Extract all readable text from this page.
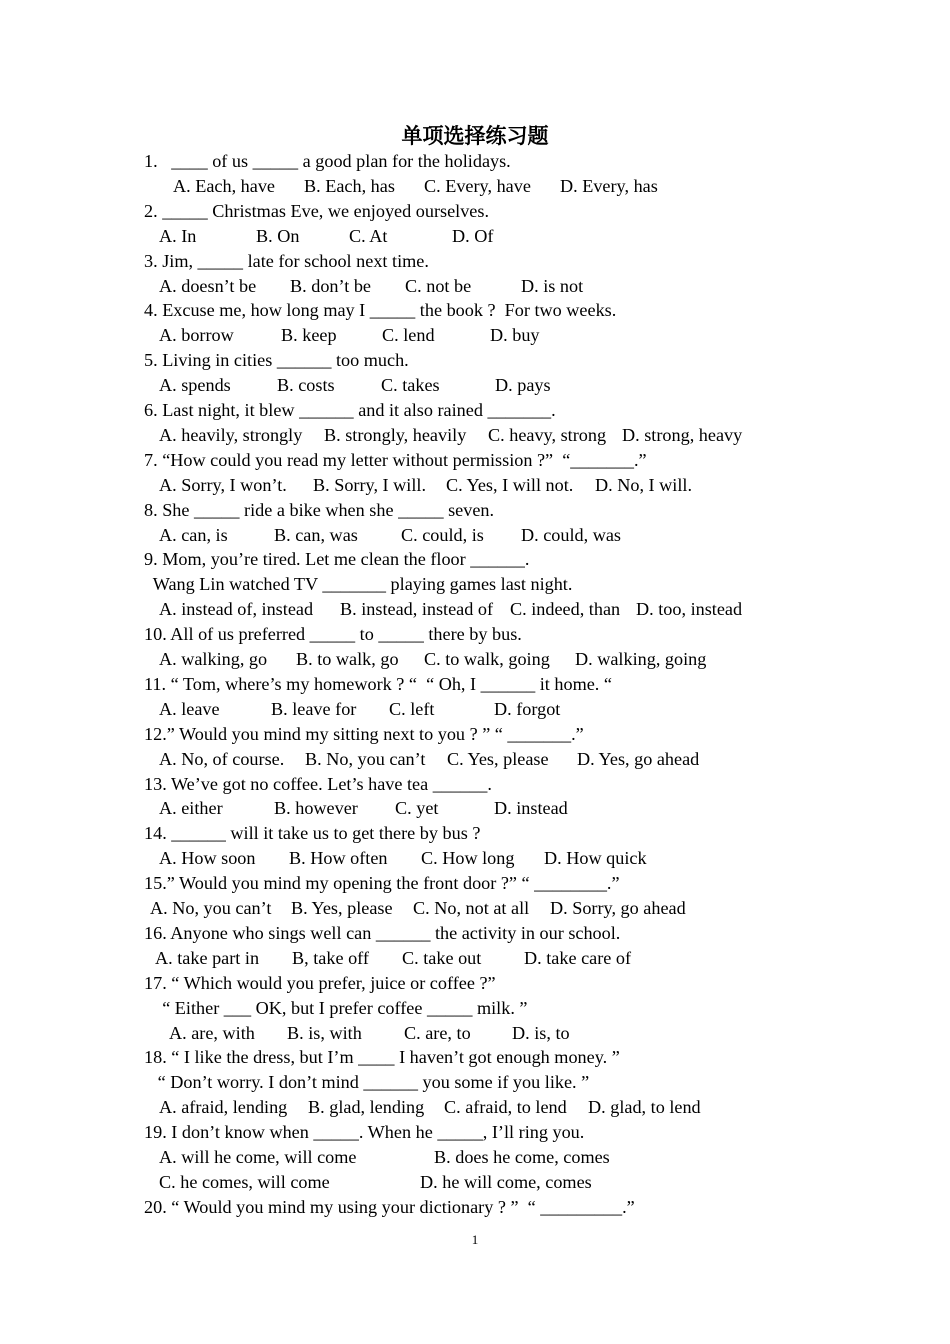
单项选择练习题
1.   ____ of us _____ a good plan for the holidays.
A. Each, have B. Each, has C. Every, have D. Every, has
2. _____ Christmas Eve, we enjoyed ourselves.
A. In	B. On	C. At	D. Of
3. Jim, _____ late for school next time.
A. doesn’t be B. don’t be C. not be	D. is not
4. Excuse me, how long may I _____ the book ?  For two weeks.
A. borrow	B. keep C. lend	D. buy
5. Living in cities ______ too much.
A. spends	B. costs	C. takes	D. pays
6. Last night, it blew ______ and it also rained _______.
A. heavily, strongly B. strongly, heavily C. heavy, strong D. strong, heavy
7. “How could you read my letter without permission ?”  “_______.”
A. Sorry, I won’t. B. Sorry, I will. C. Yes, I will not. D. No, I will.
8. She _____ ride a bike when she _____ seven.
A. can, is	B. can, was C. could, is D. could, was
9. Mom, you’re tired. Let me clean the floor ______.
Wang Lin watched TV _______ playing games last night.
A. instead of, instead B. instead, instead of C. indeed, than D. too, instead
10. All of us preferred _____ to _____ there by bus.
A. walking, go B. to walk, go C. to walk, going D. walking, going
11. “ Tom, where’s my homework ? “  “ Oh, I ______ it home. “
A. leave	B. leave for C. left	D. forgot
12.” Would you mind my sitting next to you ? ” “ _______.”
A. No, of course. B. No, you can’t C. Yes, please D. Yes, go ahead
13. We’ve got no coffee. Let’s have tea ______.
A. either	B. however C. yet	D. instead
14. ______ will it take us to get there by bus ?
A. How soon B. How often C. How long D. How quick
15.” Would you mind my opening the front door ?” “ ________.”
A. No, you can’t B. Yes, please C. No, not at all D. Sorry, go ahead
16. Anyone who sings well can ______ the activity in our school.
A. take part in B, take off C. take out D. take care of
17. “ Which would you prefer, juice or coffee ?”
“ Either ___ OK, but I prefer coffee _____ milk. ”
A. are, with B. is, with C. are, to D. is, to
18. “ I like the dress, but I’m ____ I haven’t got enough money. ”
“ Don’t worry. I don’t mind ______ you some if you like. ”
A. afraid, lending B. glad, lending C. afraid, to lend D. glad, to lend
19. I don’t know when _____. When he _____, I’ll ring you.
A. will he come, will come	B. does he come, comes
C. he comes, will come	D. he will come, comes
20. “ Would you mind my using your dictionary ? ”  “ _________.”
1
